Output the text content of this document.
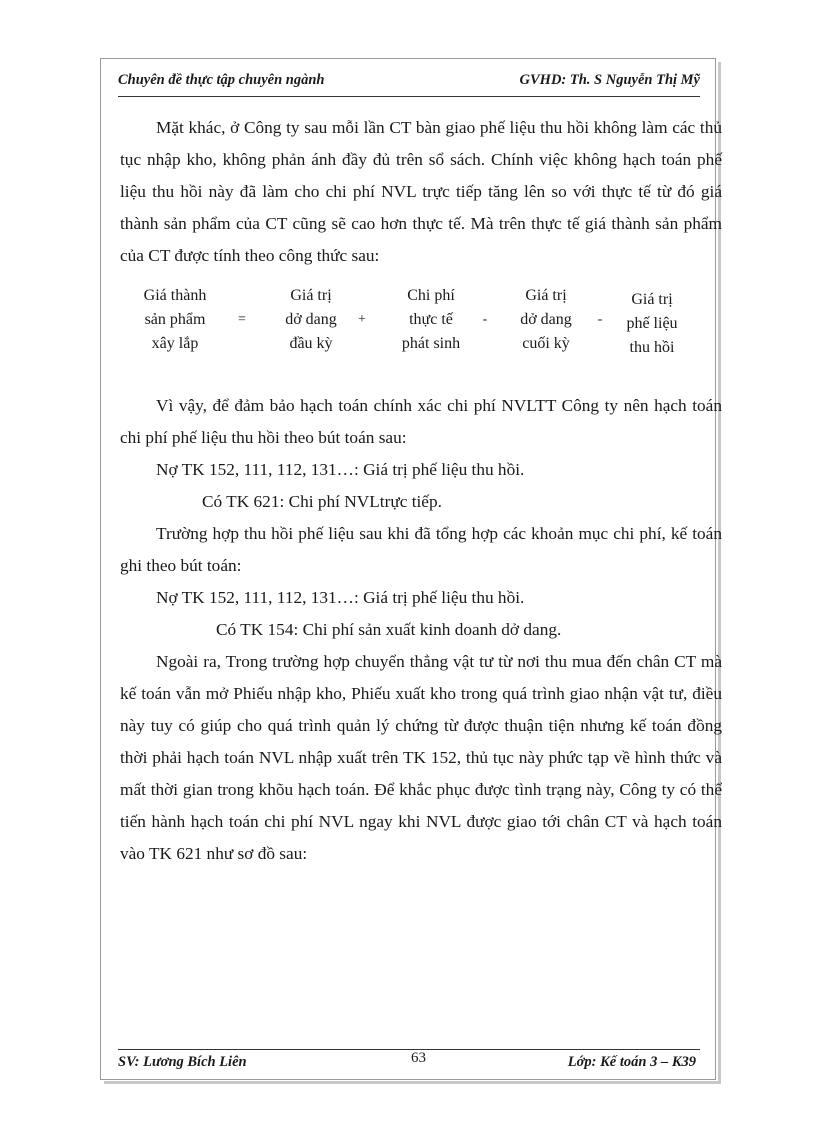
Chuyên đề thực tập chuyên ngành	GVHD: Th. S Nguyễn Thị Mỹ

Mặt khác, ở Công ty sau mỗi lần CT bàn giao phế liệu thu hồi không làm các thủ tục nhập kho, không phản ánh đầy đủ trên sổ sách. Chính việc không hạch toán phế liệu thu hồi này đã làm cho chi phí NVL trực tiếp tăng lên so với thực tế từ đó giá thành sản phẩm của CT cũng sẽ cao hơn thực tế. Mà trên thực tế giá thành sản phẩm của CT được tính theo công thức sau:

Giá thành
sản phẩm
xây lắp
=
Giá trị
dở dang
đầu kỳ
+
Chi phí
thực tế
phát sinh
-
Giá trị
dở dang
cuối kỳ
-
Giá trị
phế liệu
thu hồi

Vì vậy, để đảm bảo hạch toán chính xác chi phí NVLTT Công ty nên hạch toán chi phí phế liệu thu hồi theo bút toán sau:

Nợ TK 152, 111, 112, 131…: Giá trị phế liệu thu hồi.

Có TK 621: Chi phí NVLtrực tiếp.

Trường hợp thu hồi phế liệu sau khi đã tổng hợp các khoản mục chi phí, kế toán ghi theo bút toán:

Nợ TK 152, 111, 112, 131…: Giá trị phế liệu thu hồi.

Có TK 154: Chi phí sản xuất kinh doanh dở dang.

Ngoài ra, Trong trường hợp chuyển thẳng vật tư từ nơi thu mua đến chân CT mà kế toán vẫn mở Phiếu nhập kho, Phiếu xuất kho trong quá trình giao nhận vật tư, điều này tuy có giúp cho quá trình quản lý chứng từ được thuận tiện nhưng kế toán đồng thời phải hạch toán NVL nhập xuất trên TK 152, thủ tục này phức tạp về hình thức và mất thời gian trong khõu hạch toán. Để khắc phục được tình trạng này, Công ty có thể tiến hành hạch toán chi phí NVL ngay khi NVL được giao tới chân CT và hạch toán vào TK 621 như sơ đồ sau:

SV: Lương Bích Liên	63	Lớp: Kế toán 3 – K39
